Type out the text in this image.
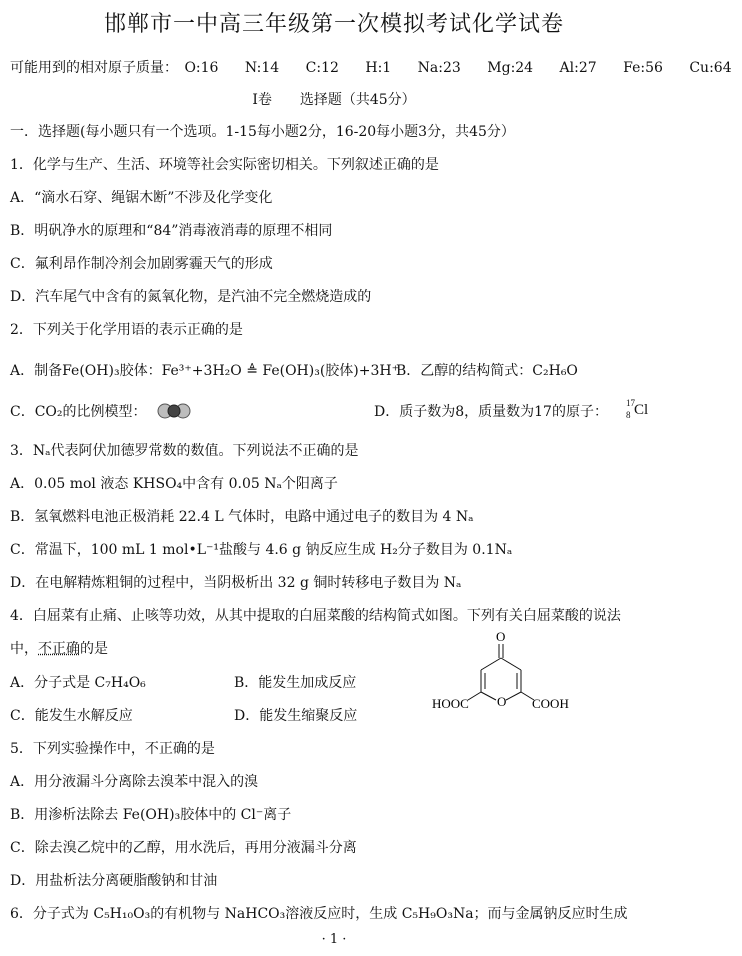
邯郸市一中高三年级第一次模拟考试化学试卷
可能用到的相对原子质量： O:16 N:14 C:12 H:1 Na:23 Mg:24 Al:27 Fe:56 Cu:64
Ⅰ卷　　选择题（共45分）
一．选择题(每小题只有一个选项。1-15每小题2分，16-20每小题3分，共45分）
1．化学与生产、生活、环境等社会实际密切相关。下列叙述正确的是
A．“滴水石穿、绳锯木断”不涉及化学变化
B．明矾净水的原理和“84”消毒液消毒的原理不相同
C．氟利昂作制冷剂会加剧雾霾天气的形成
D．汽车尾气中含有的氮氧化物，是汽油不完全燃烧造成的
2．下列关于化学用语的表示正确的是
A．制备Fe(OH)₃胶体：Fe³⁺+3H₂O ≜ Fe(OH)₃(胶体)+3H⁺
B．乙醇的结构简式：C₂H₆O
C．CO₂的比例模型：	D．质子数为8，质量数为17的原子：
17
8 Cl
3．Nₐ代表阿伏加德罗常数的数值。下列说法不正确的是
A．0.05 mol 液态 KHSO₄中含有 0.05 Nₐ个阳离子
B．氢氧燃料电池正极消耗 22.4 L 气体时，电路中通过电子的数目为 4 Nₐ
C．常温下，100 mL 1 mol•L⁻¹盐酸与 4.6 g 钠反应生成 H₂分子数目为 0.1Nₐ
D．在电解精炼粗铜的过程中，当阴极析出 32 g 铜时转移电子数目为 Nₐ
4．白屈菜有止痛、止咳等功效，从其中提取的白屈菜酸的结构简式如图。下列有关白屈菜酸的说法
中，不正确的是
A．分子式是 C₇H₄O₆	B．能发生加成反应
C．能发生水解反应	D．能发生缩聚反应
O
O
HOOC	COOH
5．下列实验操作中，不正确的是
A．用分液漏斗分离除去溴苯中混入的溴
B．用渗析法除去 Fe(OH)₃胶体中的 Cl⁻离子
C．除去溴乙烷中的乙醇，用水洗后，再用分液漏斗分离
D．用盐析法分离硬脂酸钠和甘油
6．分子式为 C₅H₁₀O₃的有机物与 NaHCO₃溶液反应时，生成 C₅H₉O₃Na；而与金属钠反应时生成
· 1 ·
